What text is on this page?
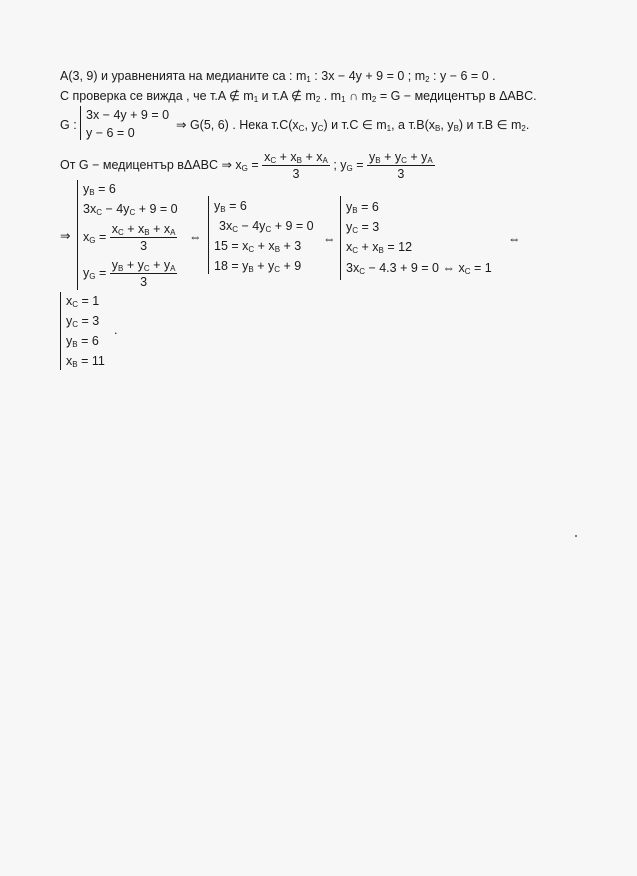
A(3, 9) и уравненията на медианите са : $m_1$ : 3x − 4y + 9 = 0 ; $m_2$ : y − 6 = 0 .
С проверка се вижда , че т.A ∉ $m_1$ и т.A ∉ $m_2$ . $m_1$ ∩ $m_2 = G$ − медицентър в ΔABC.
G :
3x − 4y + 9 = 0
y − 6 = 0
⇒ G(5, 6) . Нека $т.C(x_C$, $y_C$) и т.C ∈ $m_1$, а $т.B(x_B$, $y_B$) и т.B ∈ $m_2$.
От G − медицентър вΔABC ⇒ $x_G = \frac{x_C + x_B + x_A}{3}$ ; $y_G = \frac{y_B + y_C + y_A}{3}$
⇒
$y_B = 6$
$3x_C - 4y_C + 9 = 0$
$x_G = \frac{x_C + x_B + x_A}{3}$
$y_G = \frac{y_B + y_C + y_A}{3}$
⇔
$y_B = 6$
$3x_C - 4y_C + 9 = 0$
$15 = x_C + x_B + 3$
$18 = y_B + y_C + 9$
⇔
$y_B = 6$
$y_C = 3$
$x_C + x_B = 12$
$3x_C - 4.3 + 9 = 0$ ⇔ $x_C = 1$
⇔
$x_C = 1$
$y_C = 3$
$y_B = 6$
$x_B = 11$
.
